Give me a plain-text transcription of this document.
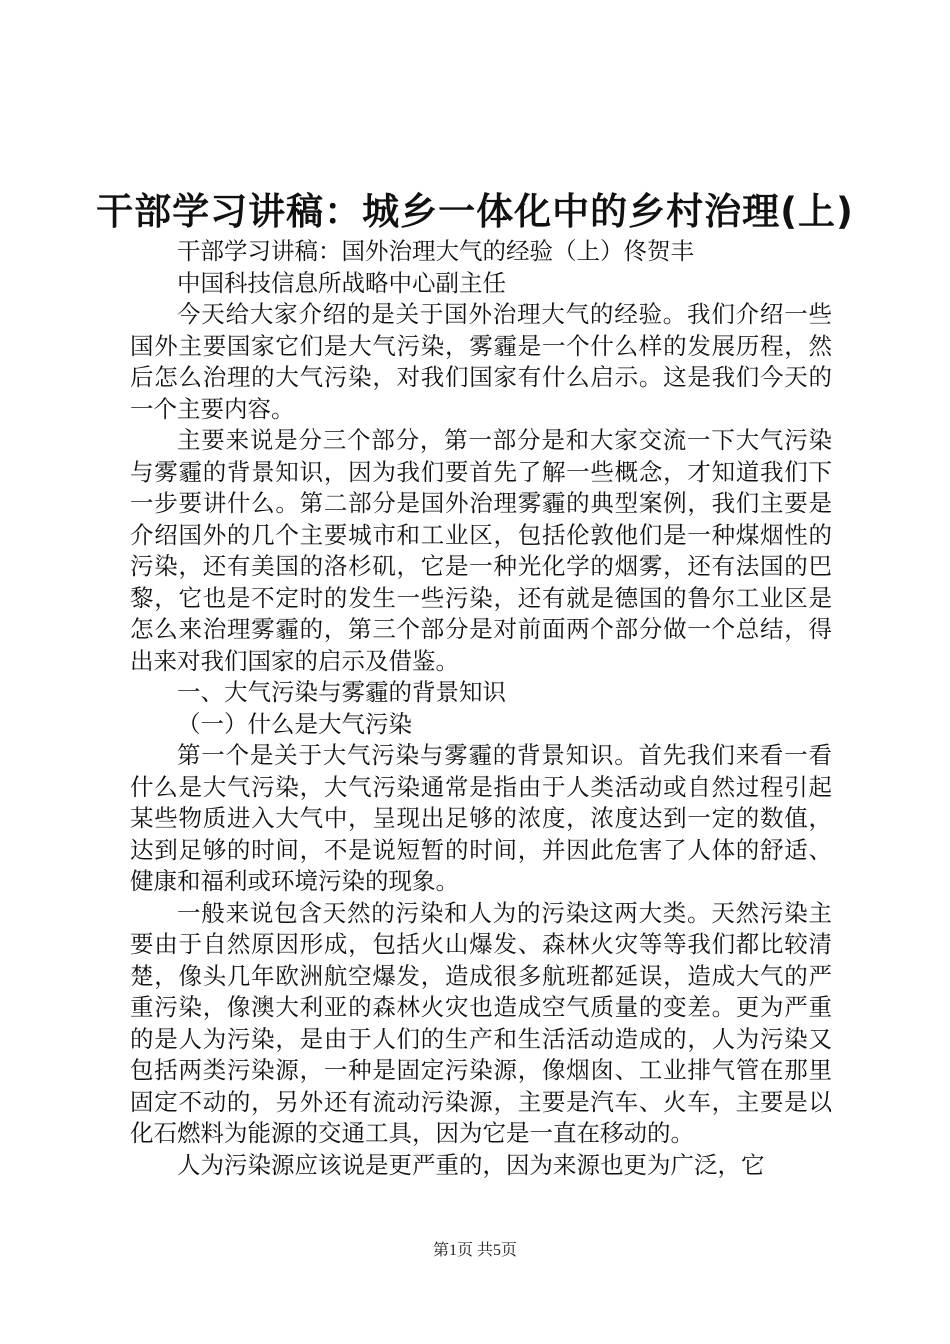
干部学习讲稿：城乡一体化中的乡村治理(上)

干部学习讲稿：国外治理大气的经验（上）佟贺丰

中国科技信息所战略中心副主任

今天给大家介绍的是关于国外治理大气的经验。我们介绍一些国外主要国家它们是大气污染，雾霾是一个什么样的发展历程，然后怎么治理的大气污染，对我们国家有什么启示。这是我们今天的一个主要内容。

主要来说是分三个部分，第一部分是和大家交流一下大气污染与雾霾的背景知识，因为我们要首先了解一些概念，才知道我们下一步要讲什么。第二部分是国外治理雾霾的典型案例，我们主要是介绍国外的几个主要城市和工业区，包括伦敦他们是一种煤烟性的污染，还有美国的洛杉矶，它是一种光化学的烟雾，还有法国的巴黎，它也是不定时的发生一些污染，还有就是德国的鲁尔工业区是怎么来治理雾霾的，第三个部分是对前面两个部分做一个总结，得出来对我们国家的启示及借鉴。

一、大气污染与雾霾的背景知识

（一）什么是大气污染

第一个是关于大气污染与雾霾的背景知识。首先我们来看一看什么是大气污染，大气污染通常是指由于人类活动或自然过程引起某些物质进入大气中，呈现出足够的浓度，浓度达到一定的数值，达到足够的时间，不是说短暂的时间，并因此危害了人体的舒适、健康和福利或环境污染的现象。

一般来说包含天然的污染和人为的污染这两大类。天然污染主要由于自然原因形成，包括火山爆发、森林火灾等等我们都比较清楚，像头几年欧洲航空爆发，造成很多航班都延误，造成大气的严重污染，像澳大利亚的森林火灾也造成空气质量的变差。更为严重的是人为污染，是由于人们的生产和生活活动造成的，人为污染又包括两类污染源，一种是固定污染源，像烟囱、工业排气管在那里固定不动的，另外还有流动污染源，主要是汽车、火车，主要是以化石燃料为能源的交通工具，因为它是一直在移动的。

人为污染源应该说是更严重的，因为来源也更为广泛，它

第1页 共5页
